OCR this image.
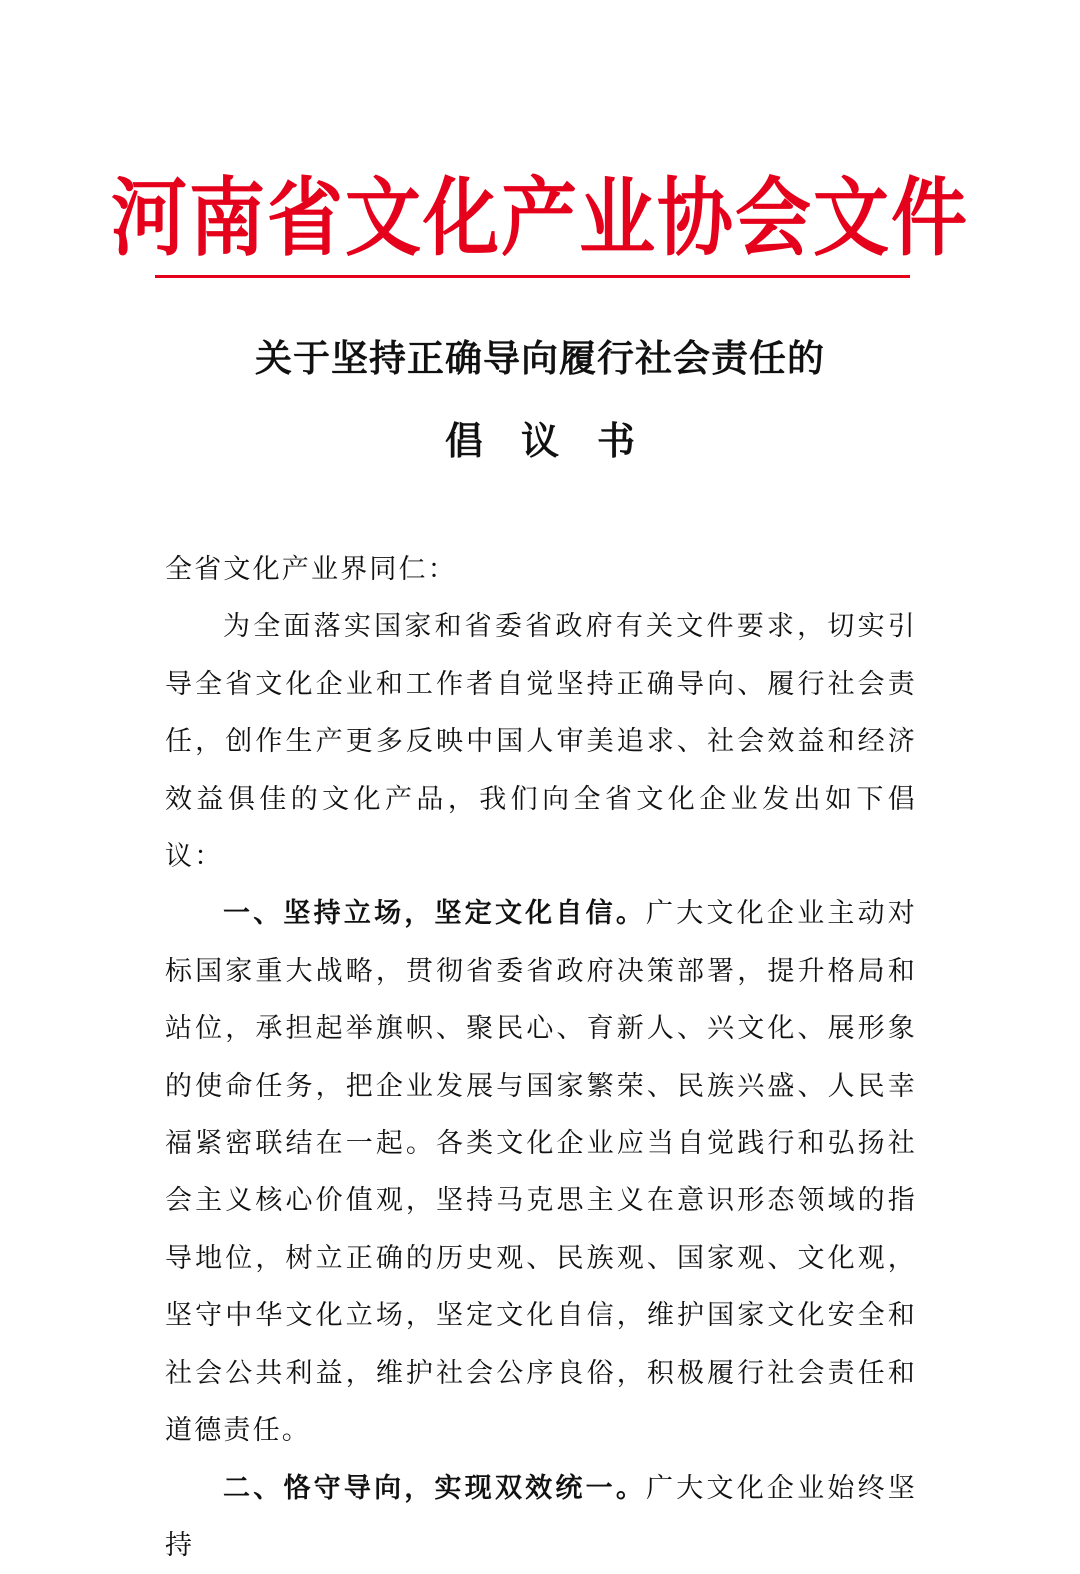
河南省文化产业协会文件
关于坚持正确导向履行社会责任的
倡议书

全省文化产业界同仁：

为全面落实国家和省委省政府有关文件要求，切实引导全省文化企业和工作者自觉坚持正确导向、履行社会责任，创作生产更多反映中国人审美追求、社会效益和经济效益俱佳的文化产品，我们向全省文化企业发出如下倡议：

一、坚持立场，坚定文化自信。广大文化企业主动对标国家重大战略，贯彻省委省政府决策部署，提升格局和站位，承担起举旗帜、聚民心、育新人、兴文化、展形象的使命任务，把企业发展与国家繁荣、民族兴盛、人民幸福紧密联结在一起。各类文化企业应当自觉践行和弘扬社会主义核心价值观，坚持马克思主义在意识形态领域的指导地位，树立正确的历史观、民族观、国家观、文化观，坚守中华文化立场，坚定文化自信，维护国家文化安全和社会公共利益，维护社会公序良俗，积极履行社会责任和道德责任。

二、恪守导向，实现双效统一。广大文化企业始终坚持
